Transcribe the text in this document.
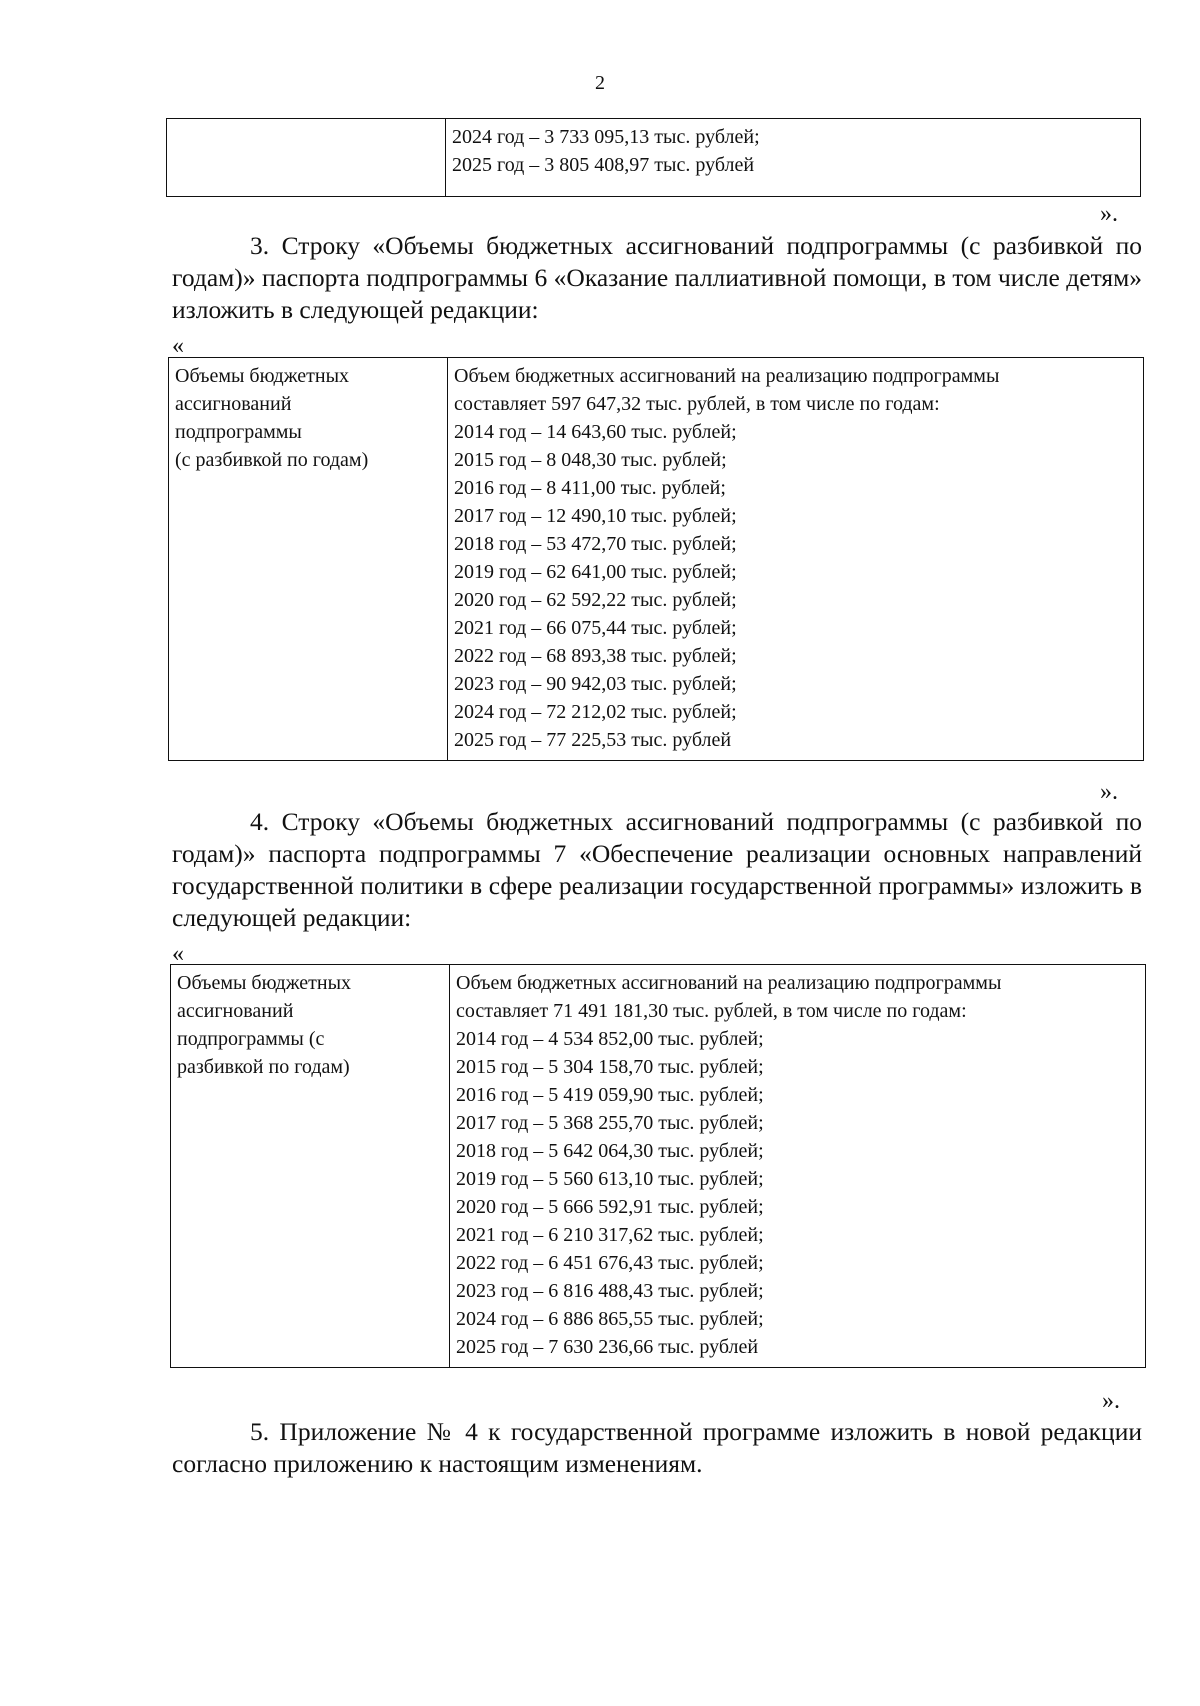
2

2024 год – 3 733 095,13 тыс. рублей;
2025 год – 3 805 408,97 тыс. рублей
».
3. Строку «Объемы бюджетных ассигнований подпрограммы (с разбивкой по годам)» паспорта подпрограммы 6 «Оказание паллиативной помощи, в том числе детям» изложить в следующей редакции:
«
Объемы бюджетных
ассигнований
подпрограммы
(с разбивкой по годам)

Объем бюджетных ассигнований на реализацию подпрограммы
составляет 597 647,32 тыс. рублей, в том числе по годам:
2014 год – 14 643,60 тыс. рублей;
2015 год – 8 048,30 тыс. рублей;
2016 год – 8 411,00 тыс. рублей;
2017 год – 12 490,10 тыс. рублей;
2018 год – 53 472,70 тыс. рублей;
2019 год – 62 641,00 тыс. рублей;
2020 год – 62 592,22 тыс. рублей;
2021 год – 66 075,44 тыс. рублей;
2022 год – 68 893,38 тыс. рублей;
2023 год – 90 942,03 тыс. рублей;
2024 год – 72 212,02 тыс. рублей;
2025 год – 77 225,53 тыс. рублей
».
4. Строку «Объемы бюджетных ассигнований подпрограммы (с разбивкой по годам)» паспорта подпрограммы 7 «Обеспечение реализации основных направлений государственной политики в сфере реализации государственной программы» изложить в следующей редакции:
«
Объемы бюджетных
ассигнований
подпрограммы (с
разбивкой по годам)

Объем бюджетных ассигнований на реализацию подпрограммы
составляет 71 491 181,30 тыс. рублей, в том числе по годам:
2014 год – 4 534 852,00 тыс. рублей;
2015 год – 5 304 158,70 тыс. рублей;
2016 год – 5 419 059,90 тыс. рублей;
2017 год – 5 368 255,70 тыс. рублей;
2018 год – 5 642 064,30 тыс. рублей;
2019 год – 5 560 613,10 тыс. рублей;
2020 год – 5 666 592,91 тыс. рублей;
2021 год – 6 210 317,62 тыс. рублей;
2022 год – 6 451 676,43 тыс. рублей;
2023 год – 6 816 488,43 тыс. рублей;
2024 год – 6 886 865,55 тыс. рублей;
2025 год – 7 630 236,66 тыс. рублей
».
5. Приложение № 4 к государственной программе изложить в новой редакции согласно приложению к настоящим изменениям.
